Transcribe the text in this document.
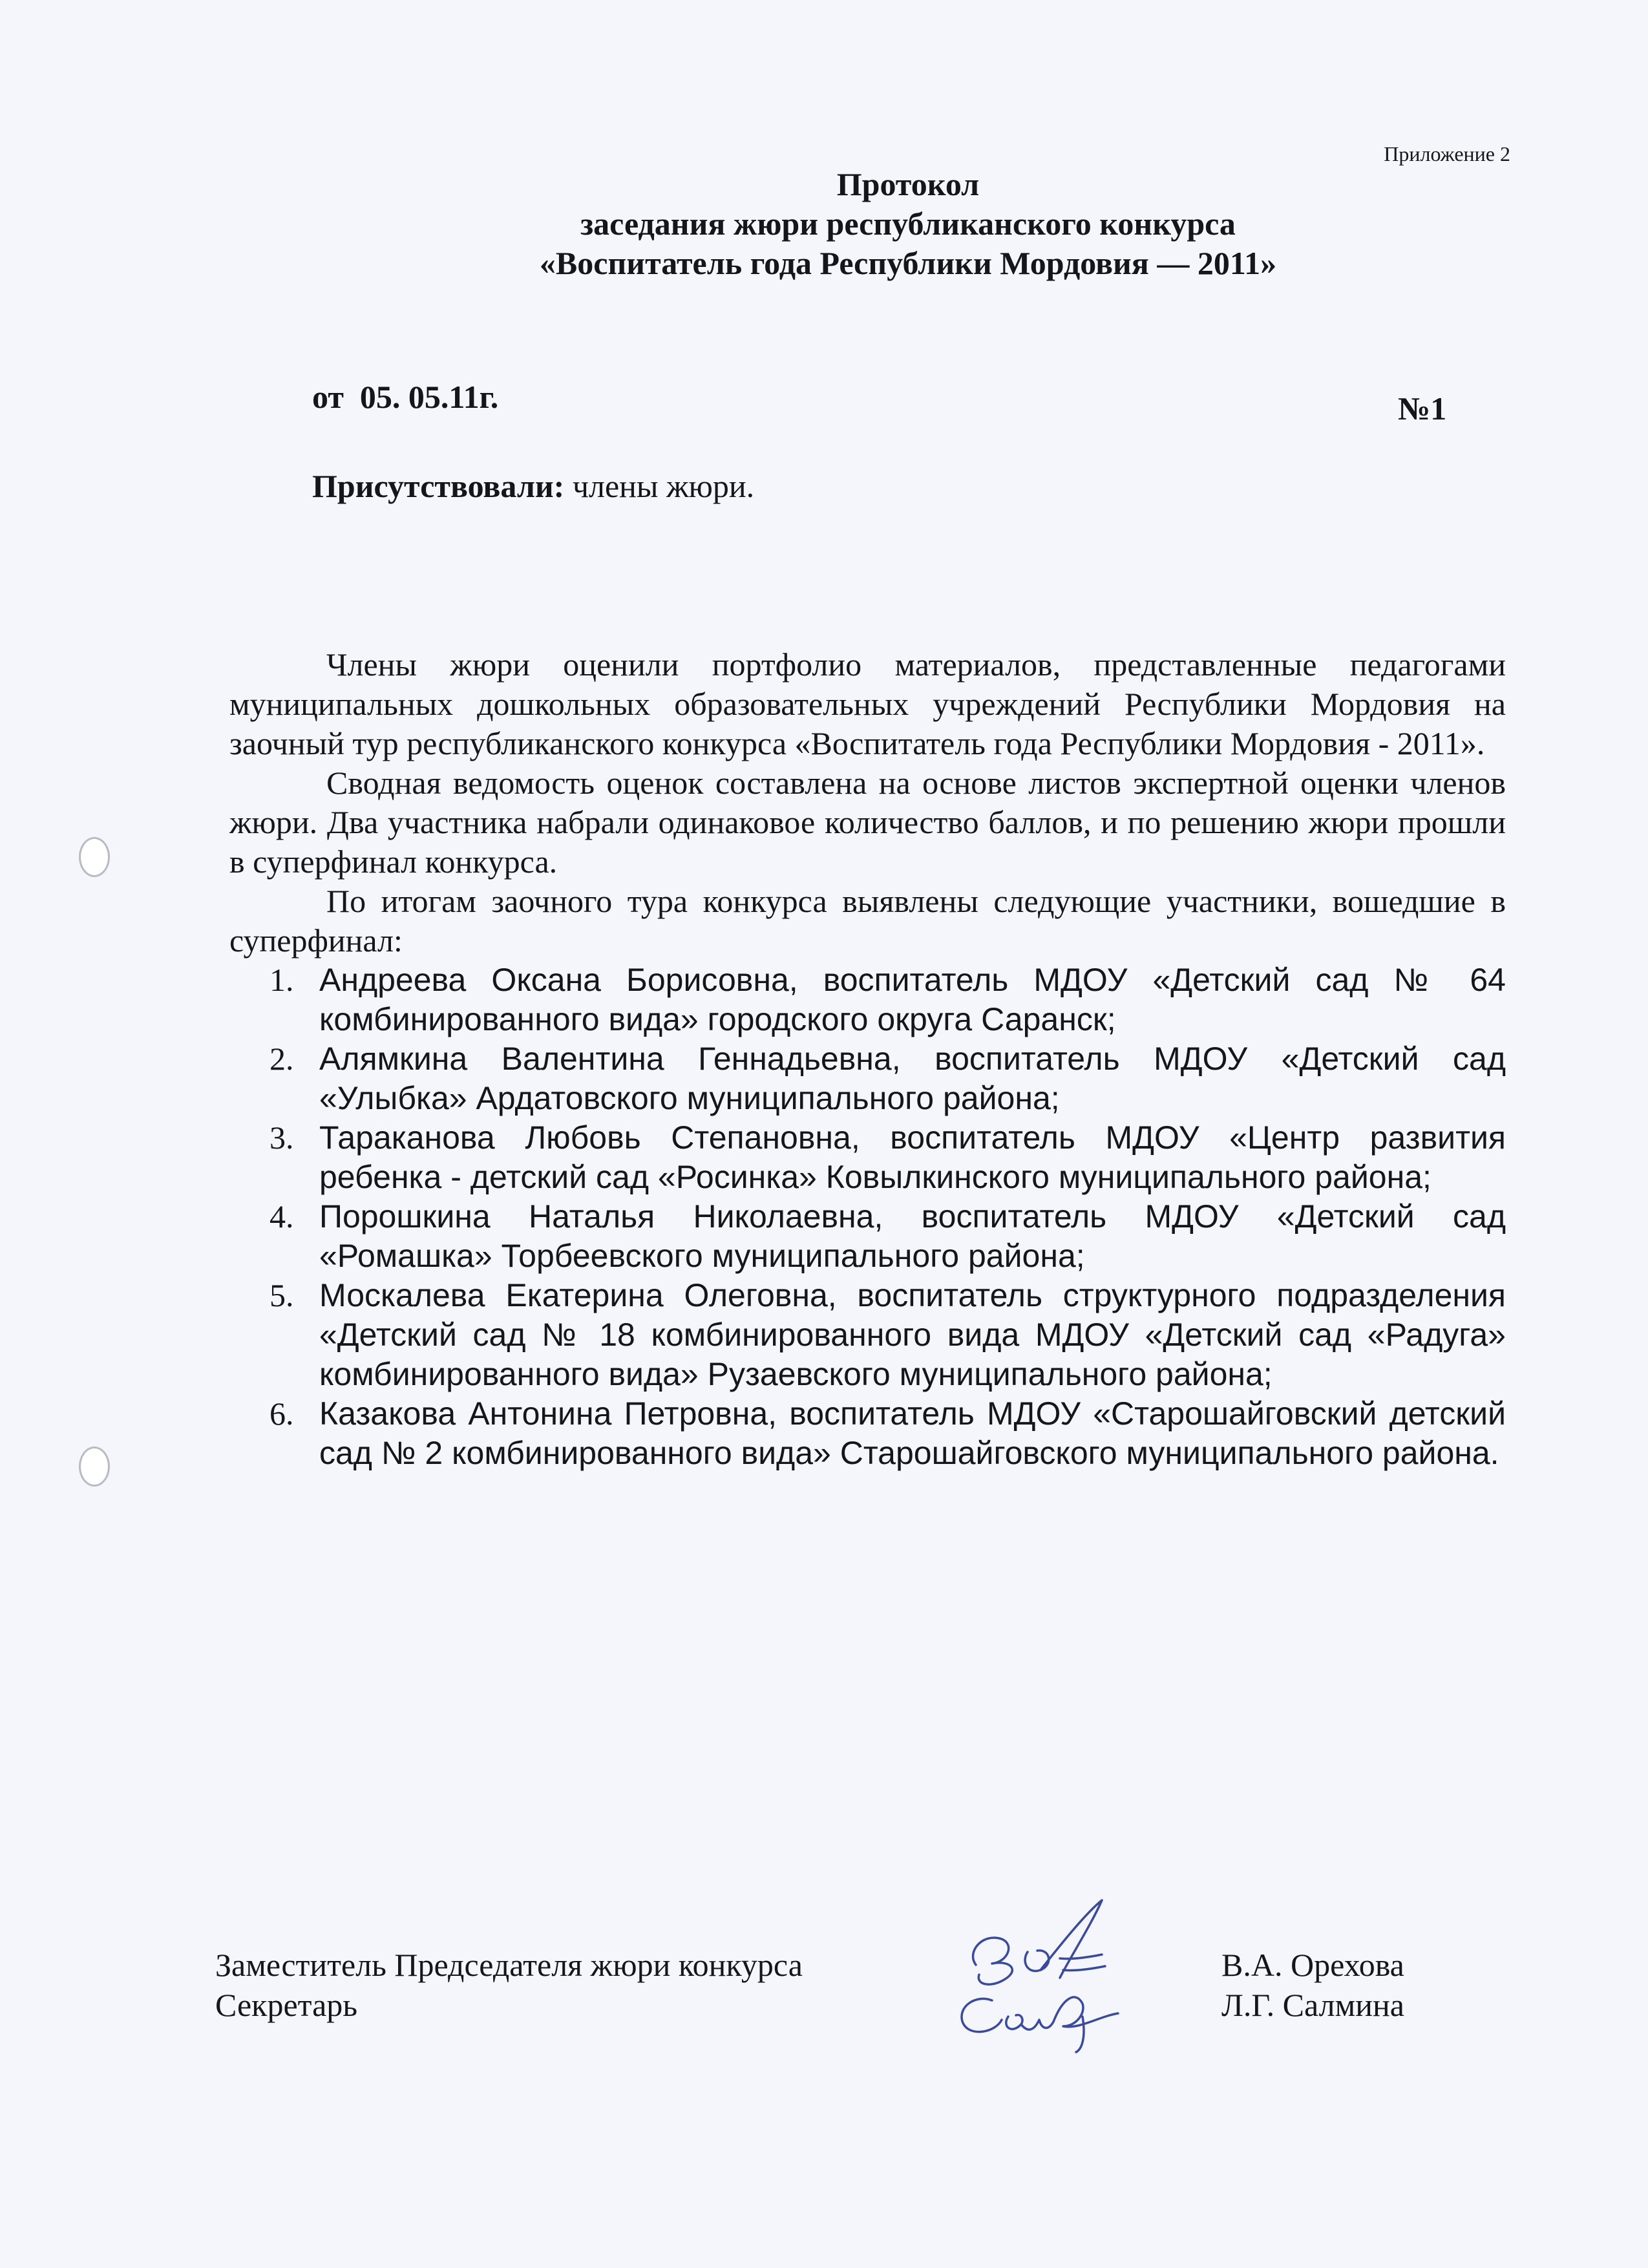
Приложение 2
Протокол
заседания жюри республиканского конкурса
«Воспитатель года Республики Мордовия — 2011»
от  05. 05.11г.	№1
Присутствовали: члены жюри.

Члены жюри оценили портфолио материалов, представленные педагогами муниципальных дошкольных образовательных учреждений Республики Мордовия на заочный тур республиканского конкурса «Воспитатель года Республики Мордовия - 2011».

Сводная ведомость оценок составлена на основе листов экспертной оценки членов жюри. Два участника набрали одинаковое количество баллов, и по решению жюри прошли в суперфинал конкурса.

По итогам заочного тура конкурса выявлены следующие участники, вошедшие в суперфинал:

1. Андреева Оксана Борисовна, воспитатель МДОУ «Детский сад № 64 комбинированного вида» городского округа Саранск;
2. Алямкина Валентина Геннадьевна, воспитатель МДОУ «Детский сад «Улыбка» Ардатовского муниципального района;
3. Тараканова Любовь Степановна, воспитатель МДОУ «Центр развития ребенка - детский сад «Росинка» Ковылкинского муниципального района;
4. Порошкина Наталья Николаевна, воспитатель МДОУ «Детский сад «Ромашка» Торбеевского муниципального района;
5. Москалева Екатерина Олеговна, воспитатель структурного подразделения «Детский сад № 18 комбинированного вида МДОУ «Детский сад «Радуга» комбинированного вида» Рузаевского муниципального района;
6. Казакова Антонина Петровна, воспитатель МДОУ «Старошайговский детский сад № 2 комбинированного вида» Старошайговского муниципального района.
Заместитель Председателя жюри конкурса	В.А. Орехова
Секретарь	Л.Г. Салмина
